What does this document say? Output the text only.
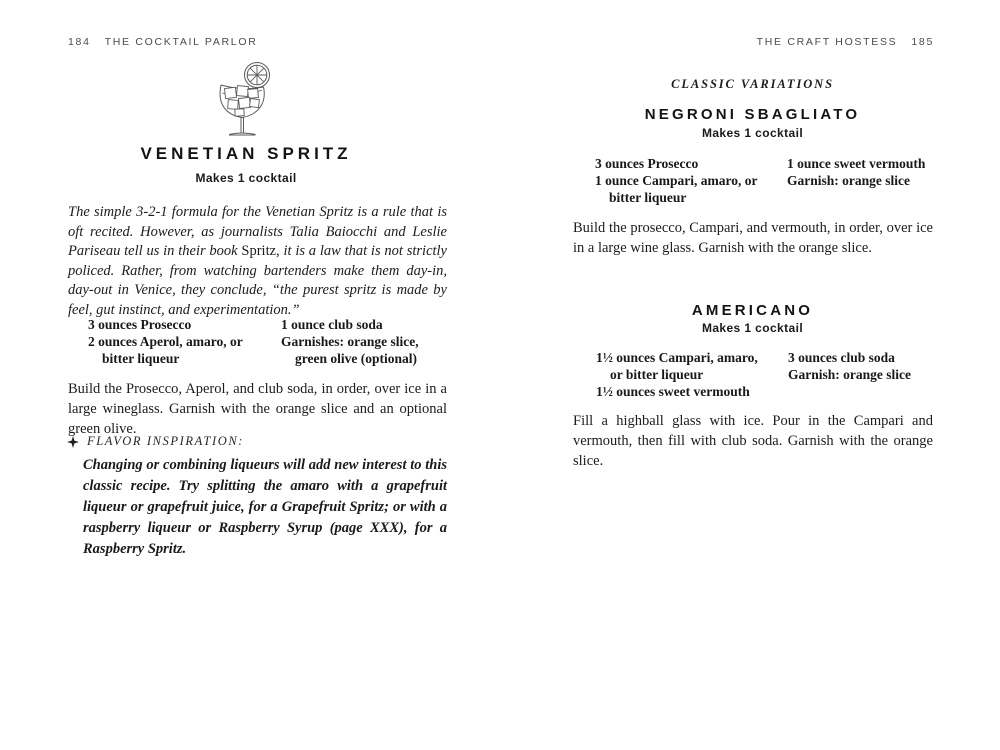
184 THE COCKTAIL PARLOR	THE CRAFT HOSTESS 185
VENETIAN SPRITZ
Makes 1 cocktail

The simple 3-2-1 formula for the Venetian Spritz is a rule that is oft recited. However, as journalists Talia Baiocchi and Leslie Pariseau tell us in their book Spritz, it is a law that is not strictly policed. Rather, from watching bartenders make them day-in, day-out in Venice, they conclude, “the purest spritz is made by feel, gut instinct, and experimentation.”

3 ounces Prosecco
2 ounces Aperol, amaro, or
bitter liqueur
1 ounce club soda
Garnishes: orange slice,
green olive (optional)

Build the Prosecco, Aperol, and club soda, in order, over ice in a large wineglass. Garnish with the orange slice and an optional green olive.

FLAVOR INSPIRATION:

Changing or combining liqueurs will add new interest to this classic recipe. Try splitting the amaro with a grapefruit liqueur or grapefruit juice, for a Grapefruit Spritz; or with a raspberry liqueur or Raspberry Syrup (page XXX), for a Raspberry Spritz.

CLASSIC VARIATIONS
NEGRONI SBAGLIATO
Makes 1 cocktail
3 ounces Prosecco
1 ounce Campari, amaro, or
bitter liqueur
1 ounce sweet vermouth
Garnish: orange slice

Build the prosecco, Campari, and vermouth, in order, over ice in a large wine glass. Garnish with the orange slice.

AMERICANO
Makes 1 cocktail
1½ ounces Campari, amaro,
or bitter liqueur
1½ ounces sweet vermouth
3 ounces club soda
Garnish: orange slice

Fill a highball glass with ice. Pour in the Campari and vermouth, then fill with club soda. Garnish with the orange slice.
